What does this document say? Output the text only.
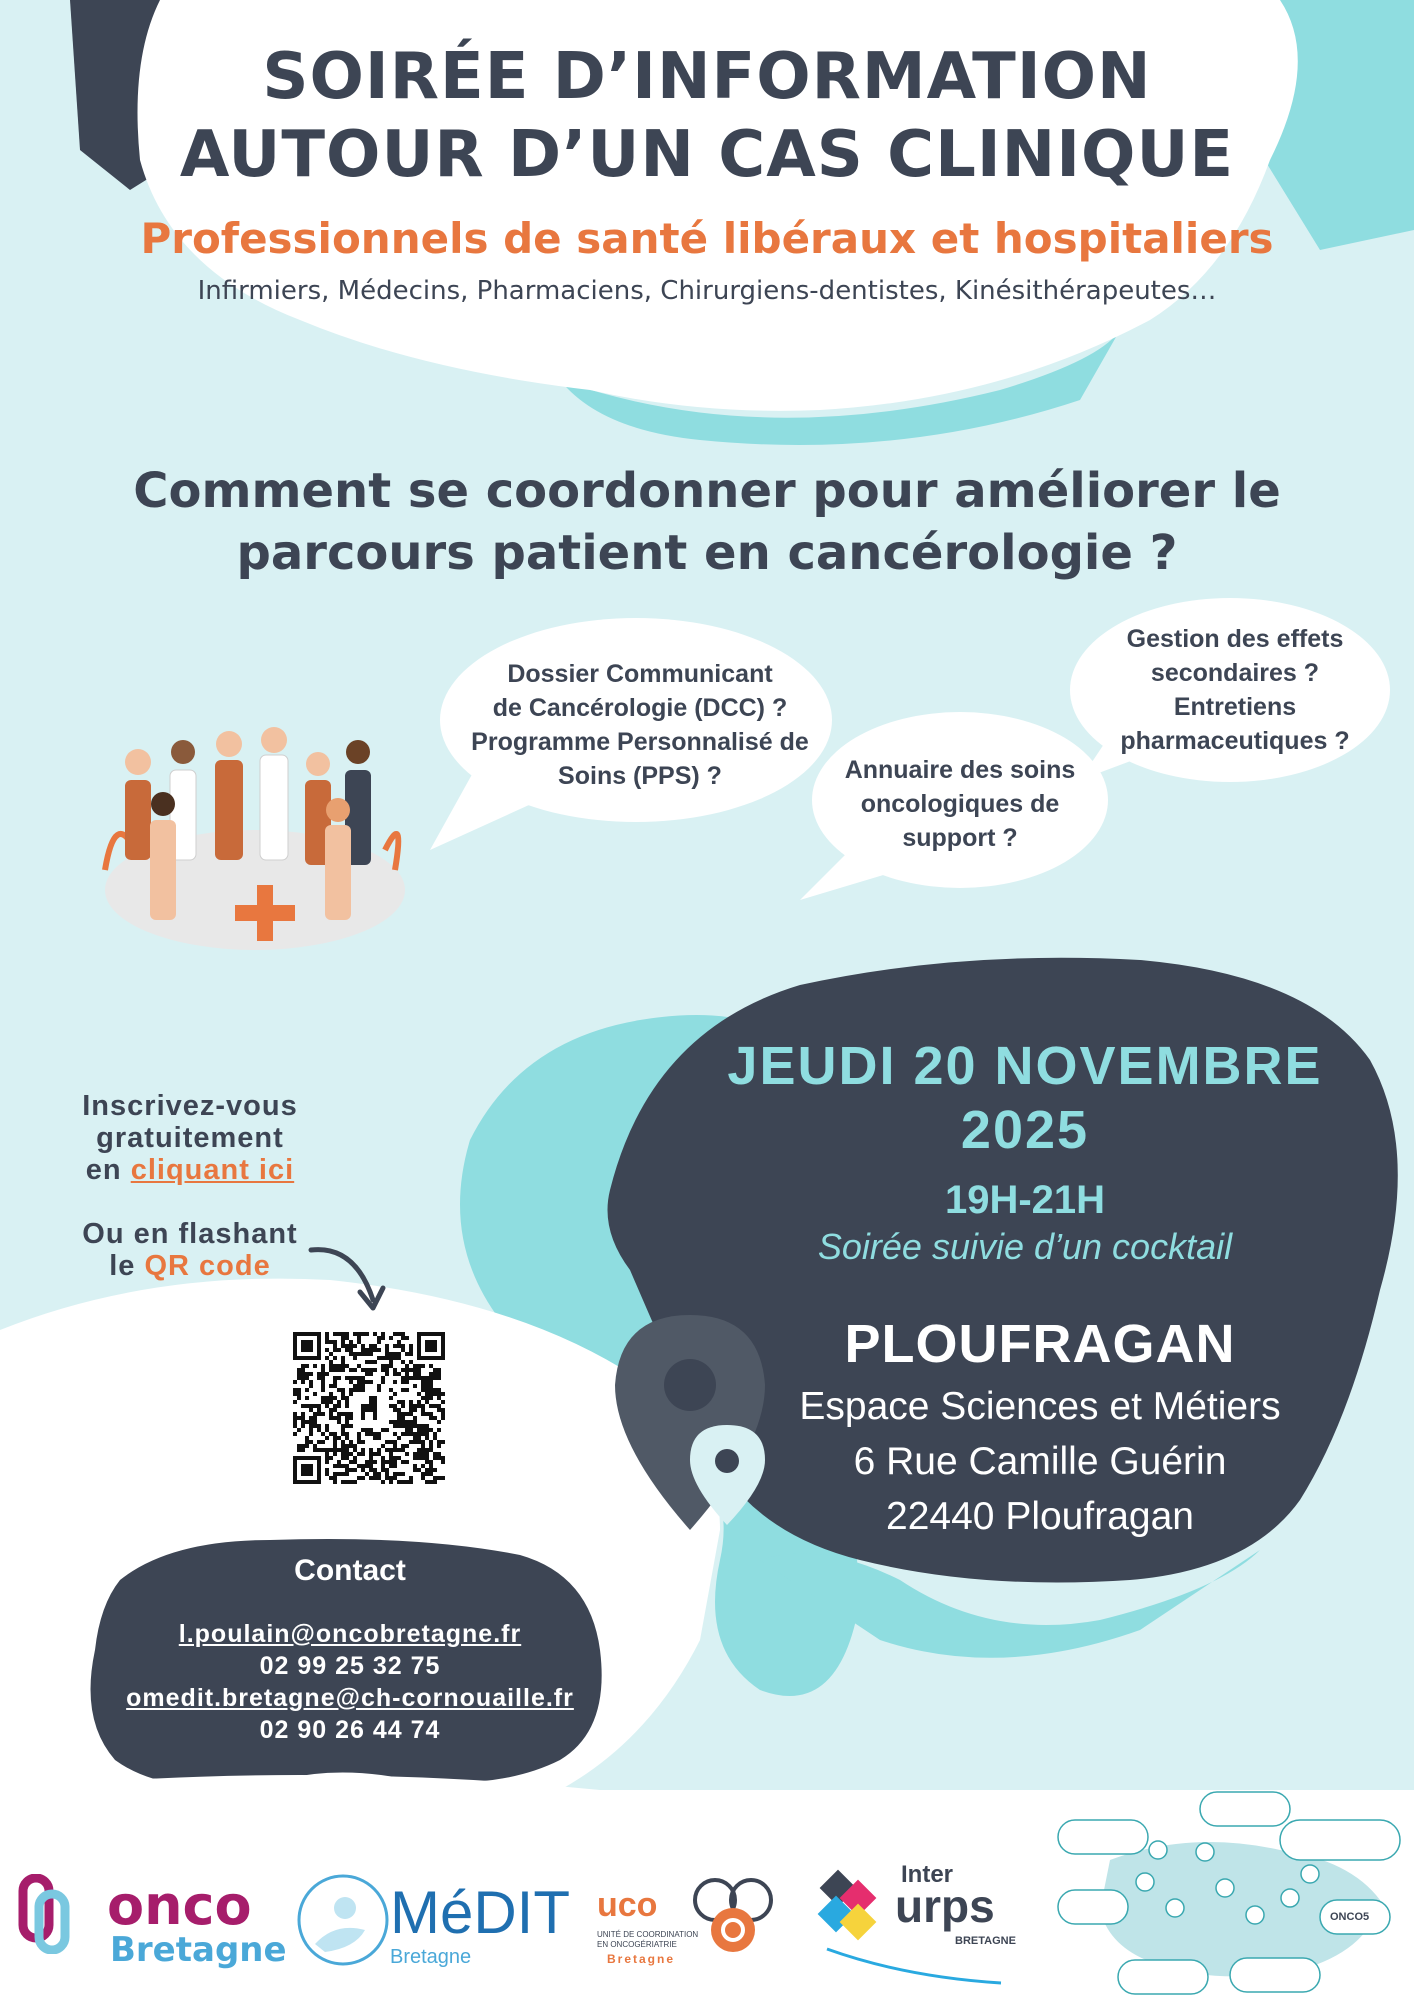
SOIRÉE D’INFORMATION
AUTOUR D’UN CAS CLINIQUE
Professionnels de santé libéraux et hospitaliers
Infirmiers, Médecins, Pharmaciens, Chirurgiens-dentistes, Kinésithérapeutes…
Comment se coordonner pour améliorer le
parcours patient en cancérologie ?
Dossier Communicant
de Cancérologie (DCC) ?
Programme Personnalisé de
Soins (PPS) ?	Annuaire des soins
oncologiques de
support ?
Gestion des effets
secondaires ?
Entretiens
pharmaceutiques ?
JEUDI 20 NOVEMBRE
2025
19H-21H
Soirée suivie d’un cocktail
PLOUFRAGAN
Espace Sciences et Métiers
6 Rue Camille Guérin
22440 Ploufragan
Inscrivez-vous
gratuitement
en cliquant ici
Ou en flashant
le QR code
Contact
l.poulain@oncobretagne.fr
02 99 25 32 75
omedit.bretagne@ch-cornouaille.fr
02 90 26 44 74
onco
Bretagne
MéDIT
Bretagne
uco
UNITÉ DE COORDINATION
EN ONCOGÉRIATRIE
Bretagne
Inter
urps
BRETAGNE
ONCO5
